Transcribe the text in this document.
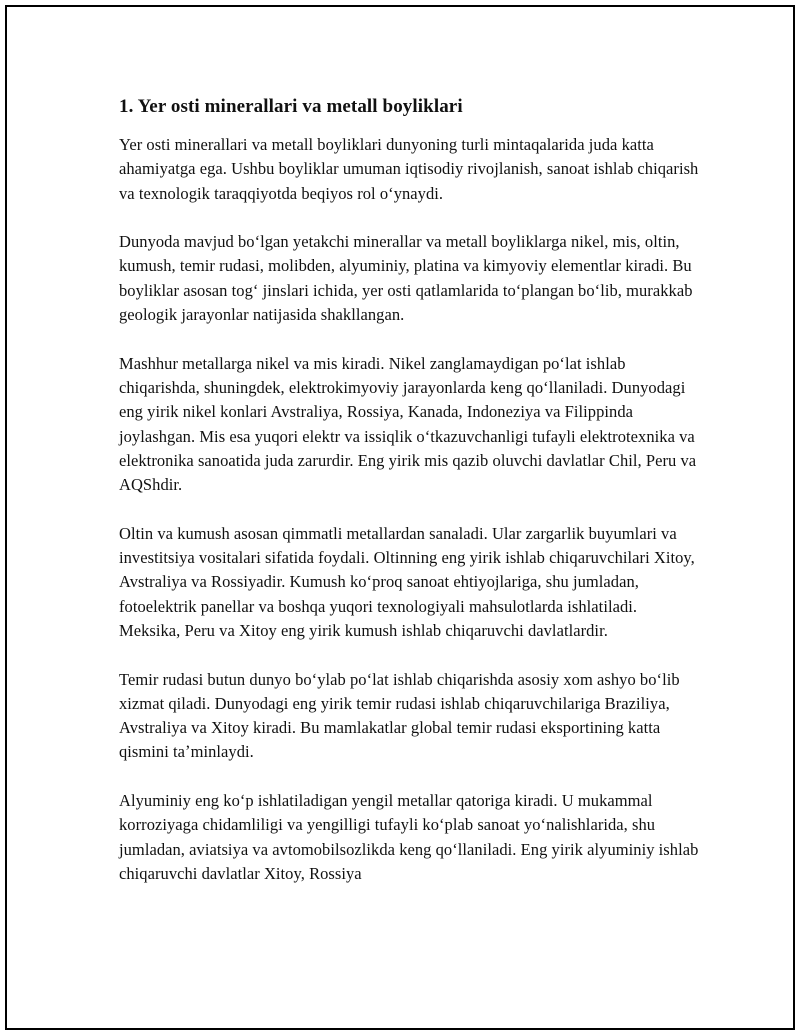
1. Yer osti minerallari va metall boyliklari

Yer osti minerallari va metall boyliklari dunyoning turli mintaqalarida juda katta ahamiyatga ega. Ushbu boyliklar umuman iqtisodiy rivojlanish, sanoat ishlab chiqarish va texnologik taraqqiyotda beqiyos rol oʻynaydi.

Dunyoda mavjud boʻlgan yetakchi minerallar va metall boyliklarga nikel, mis, oltin, kumush, temir rudasi, molibden, alyuminiy, platina va kimyoviy elementlar kiradi. Bu boyliklar asosan togʻ jinslari ichida, yer osti qatlamlarida toʻplangan boʻlib, murakkab geologik jarayonlar natijasida shakllangan.

Mashhur metallarga nikel va mis kiradi. Nikel zanglamaydigan poʻlat ishlab chiqarishda, shuningdek, elektrokimyoviy jarayonlarda keng qoʻllaniladi. Dunyodagi eng yirik nikel konlari Avstraliya, Rossiya, Kanada, Indoneziya va Filippinda joylashgan. Mis esa yuqori elektr va issiqlik oʻtkazuvchanligi tufayli elektrotexnika va elektronika sanoatida juda zarurdir. Eng yirik mis qazib oluvchi davlatlar Chil, Peru va AQShdir.

Oltin va kumush asosan qimmatli metallardan sanaladi. Ular zargarlik buyumlari va investitsiya vositalari sifatida foydali. Oltinning eng yirik ishlab chiqaruvchilari Xitoy, Avstraliya va Rossiyadir. Kumush koʻproq sanoat ehtiyojlariga, shu jumladan, fotoelektrik panellar va boshqa yuqori texnologiyali mahsulotlarda ishlatiladi. Meksika, Peru va Xitoy eng yirik kumush ishlab chiqaruvchi davlatlardir.

Temir rudasi butun dunyo boʻylab poʻlat ishlab chiqarishda asosiy xom ashyo boʻlib xizmat qiladi. Dunyodagi eng yirik temir rudasi ishlab chiqaruvchilariga Braziliya, Avstraliya va Xitoy kiradi. Bu mamlakatlar global temir rudasi eksportining katta qismini taʼminlaydi.

Alyuminiy eng koʻp ishlatiladigan yengil metallar qatoriga kiradi. U mukammal korroziyaga chidamliligi va yengilligi tufayli koʻplab sanoat yoʻnalishlarida, shu jumladan, aviatsiya va avtomobilsozlikda keng qoʻllaniladi. Eng yirik alyuminiy ishlab chiqaruvchi davlatlar Xitoy, Rossiya
